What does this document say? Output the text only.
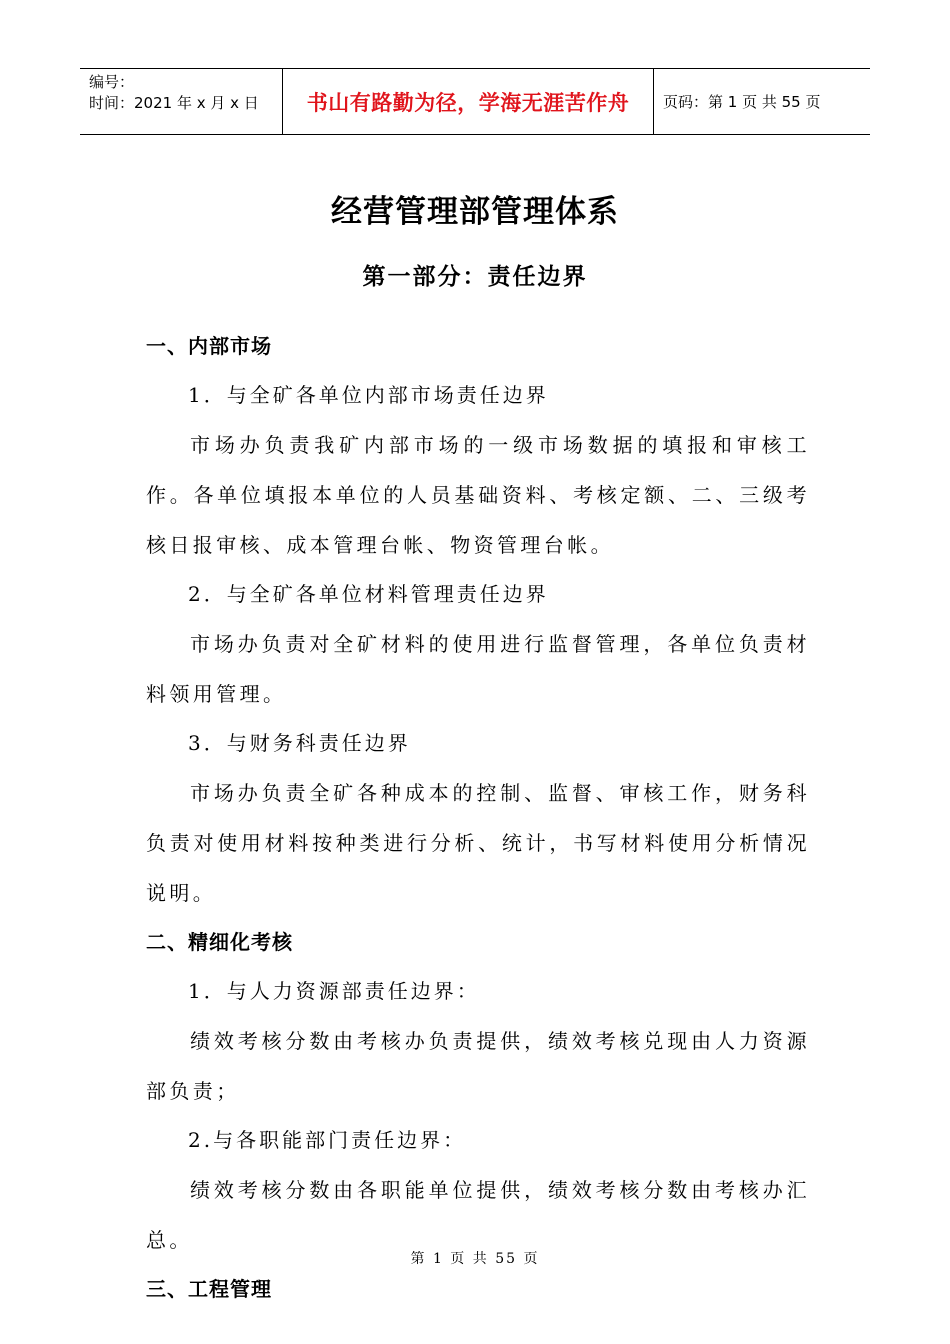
编号：
时间：2021 年 x 月 x 日	书山有路勤为径，学海无涯苦作舟 页码：第 1 页 共 55 页
经营管理部管理体系
第一部分：责任边界
一、内部市场
1．与全矿各单位内部市场责任边界
市场办负责我矿内部市场的一级市场数据的填报和审核工作。各单位填报本单位的人员基础资料、考核定额、二、三级考核日报审核、成本管理台帐、物资管理台帐。
2．与全矿各单位材料管理责任边界
市场办负责对全矿材料的使用进行监督管理，各单位负责材料领用管理。
3．与财务科责任边界
市场办负责全矿各种成本的控制、监督、审核工作，财务科负责对使用材料按种类进行分析、统计，书写材料使用分析情况说明。
二、精细化考核
1．与人力资源部责任边界：
绩效考核分数由考核办负责提供，绩效考核兑现由人力资源部负责；
2.与各职能部门责任边界：
绩效考核分数由各职能单位提供，绩效考核分数由考核办汇总。
三、工程管理
第 1 页 共 55 页
